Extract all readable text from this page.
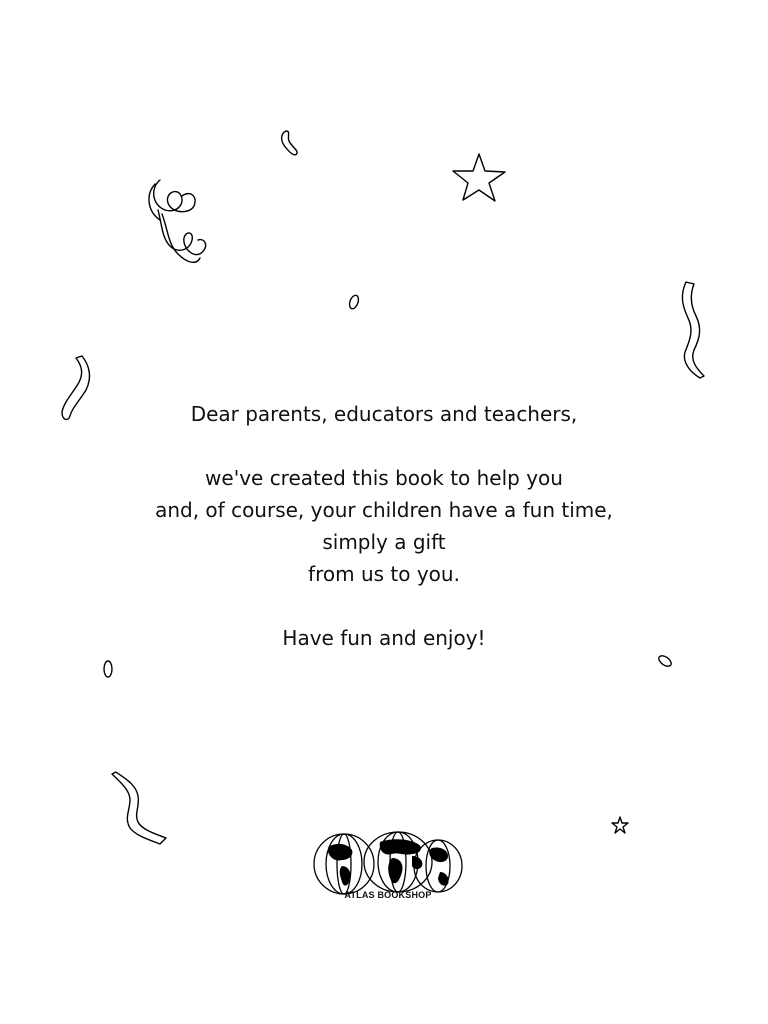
Dear parents, educators and teachers,

we've created this book to help you

and, of course, your children have a fun time,

simply a gift

from us to you.

Have fun and enjoy!

ATLAS BOOKSHOP
